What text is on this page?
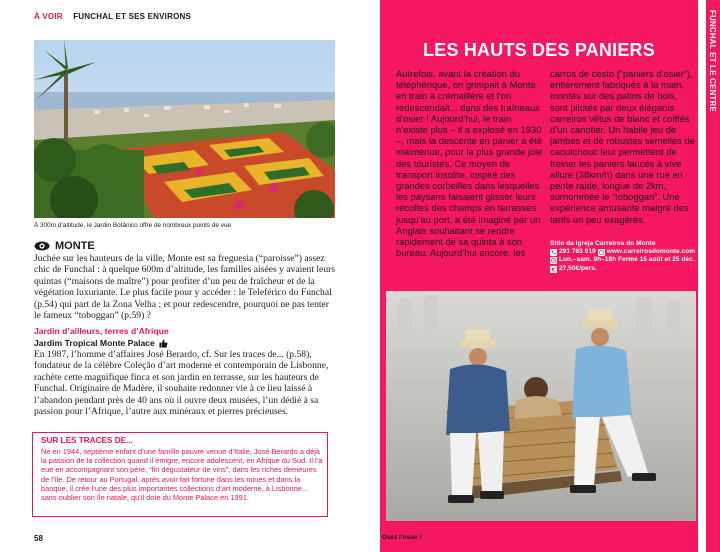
À VOIR FUNCHAL ET SES ENVIRONS
À 300m d’altitude, le Jardin Botânico offre de nombreux points de vue
MONTE

Juchée sur les hauteurs de la ville, Monte est sa freguesia (“paroisse”) assez chic de Funchal : à quelque 600m d’altitude, les familles aisées y avaient leurs quintas (“maisons de maître”) pour profiter d’un peu de fraîcheur et de la végétation luxuriante. Le plus facile pour y accéder : le Teleférico do Funchal (p.54) qui part de la Zona Velha ; et pour redescendre, pourquoi ne pas tenter le fameux “toboggan” (p.59) ?

Jardin d’ailleurs, terres d’Afrique
Jardim Tropical Monte Palace

En 1987, l’homme d’affaires José Berardo, cf. Sur les traces de... (p.58), fondateur de la célèbre Coleção d’art moderne et contemporain de Lisbonne, rachète cette magnifique finca et son jardin en terrasse, sur les hauteurs de Funchal. Originaire de Madère, il souhaite redonner vie à ce lieu laissé à l’abandon pendant près de 40 ans où il ouvre deux musées, l’un dédié à sa passion pour l’Afrique, l’autre aux minéraux et pierres précieuses.

SUR LES TRACES DE...

Né en 1944, septième enfant d’une famille pauvre venue d’Italie, José Berardo a déjà la passion de la collection quand il émigre, encore adolescent, en Afrique du Sud. Il l’a eue en accompagnant son père, “fin dégustateur de vins”, dans les riches demeures de l’île. De retour au Portugal, après avoir fait fortune dans les mines et dans la banque, il crée l’une des plus importantes collections d’art moderne, à Lisbonne... sans oublier son île natale, qu’il dote du Monte Palace en 1991.

58
FUNCHAL ET LE CENTRE
LES HAUTS DES PANIERS

Autrefois, avant la création du téléphérique, on grimpait à Monte en train à crémaillère et l’on redescendait... dans des traîneaux d’osier ! Aujourd’hui, le train n’existe plus – il a explosé en 1930 –, mais la descente en panier a été maintenue, pour la plus grande joie des touristes. Ce moyen de transport insolite, inspiré des grandes corbeilles dans lesquelles les paysans faisaient glisser leurs récoltes des champs en terrasses jusqu’au port, a été imaginé par un Anglais souhaitant se rendre rapidement de sa quinta à son bureau. Aujourd’hui encore, les

carros de cesto (“paniers d’osier”), entièrement fabriqués à la main, montés sur des patins de bois, sont pilotés par deux élégants carreiros vêtus de blanc et coiffés d’un canotier. Un habile jeu de jambes et de robustes semelles de caoutchouc leur permettent de freiner les paniers lancés à vive allure (38km/h) dans une rue en pente raide, longue de 2km, surnommée le “toboggan”. Une expérience amusante malgré des tarifs un peu exagérés.

Sitio da Igreja Carreiros do Monte
291 783 919 www.carreirosdomonte.com
Lun.–sam. 9h–18h Fermé 15 août et 25 déc.
€ 27,50€/pers.
Osez l’osier !
